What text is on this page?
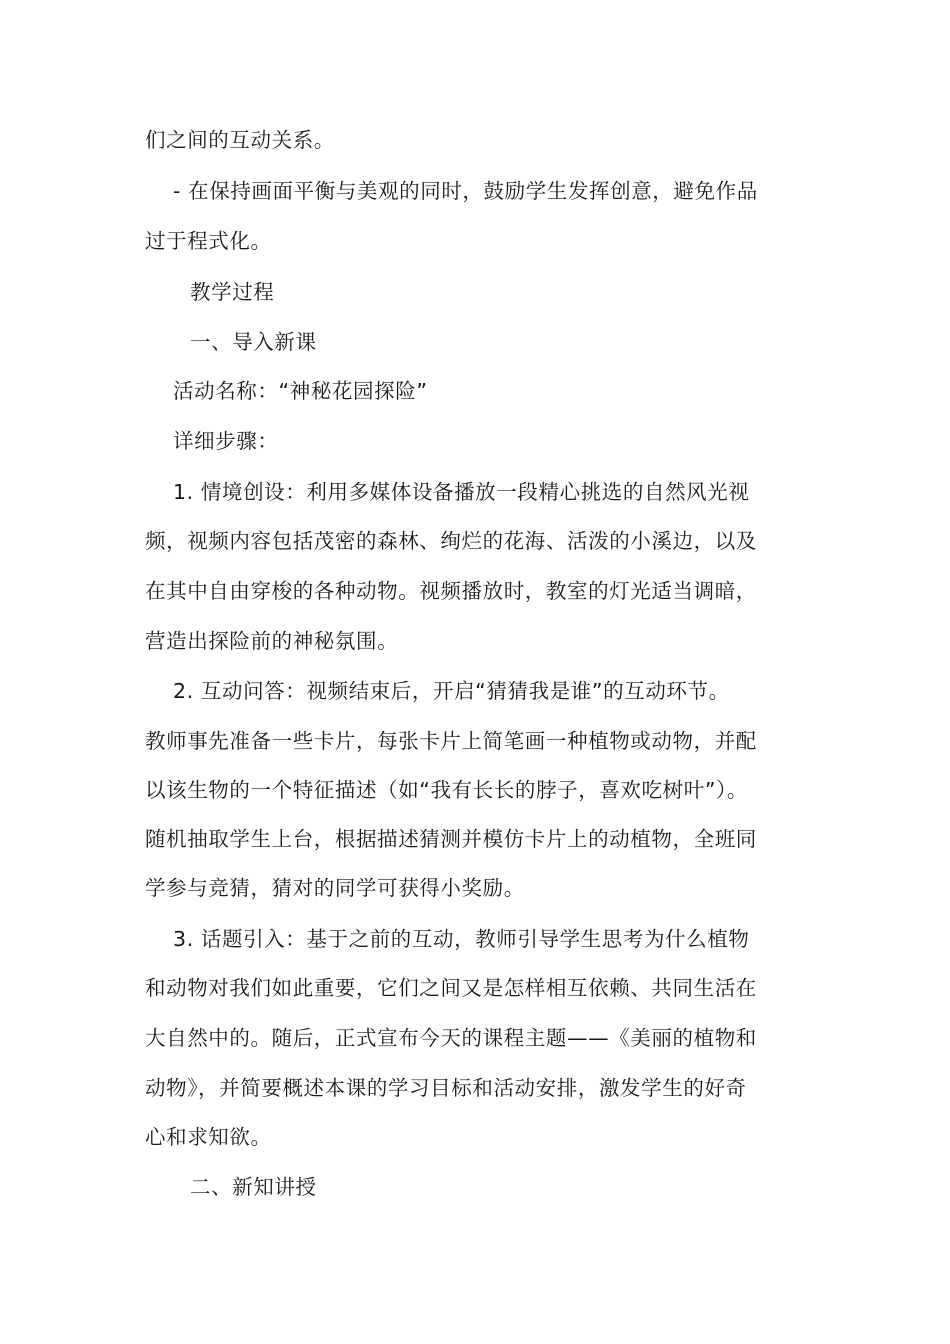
们之间的互动关系。
- 在保持画面平衡与美观的同时，鼓励学生发挥创意，避免作品
过于程式化。
教学过程
一、导入新课
活动名称：“神秘花园探险”
详细步骤：
1. 情境创设：利用多媒体设备播放一段精心挑选的自然风光视
频，视频内容包括茂密的森林、绚烂的花海、活泼的小溪边，以及
在其中自由穿梭的各种动物。视频播放时，教室的灯光适当调暗，
营造出探险前的神秘氛围。
2. 互动问答：视频结束后，开启“猜猜我是谁”的互动环节。
教师事先准备一些卡片，每张卡片上简笔画一种植物或动物，并配
以该生物的一个特征描述（如“我有长长的脖子，喜欢吃树叶”）。
随机抽取学生上台，根据描述猜测并模仿卡片上的动植物，全班同
学参与竞猜，猜对的同学可获得小奖励。
3. 话题引入：基于之前的互动，教师引导学生思考为什么植物
和动物对我们如此重要，它们之间又是怎样相互依赖、共同生活在
大自然中的。随后，正式宣布今天的课程主题——《美丽的植物和
动物》，并简要概述本课的学习目标和活动安排，激发学生的好奇
心和求知欲。
二、新知讲授
